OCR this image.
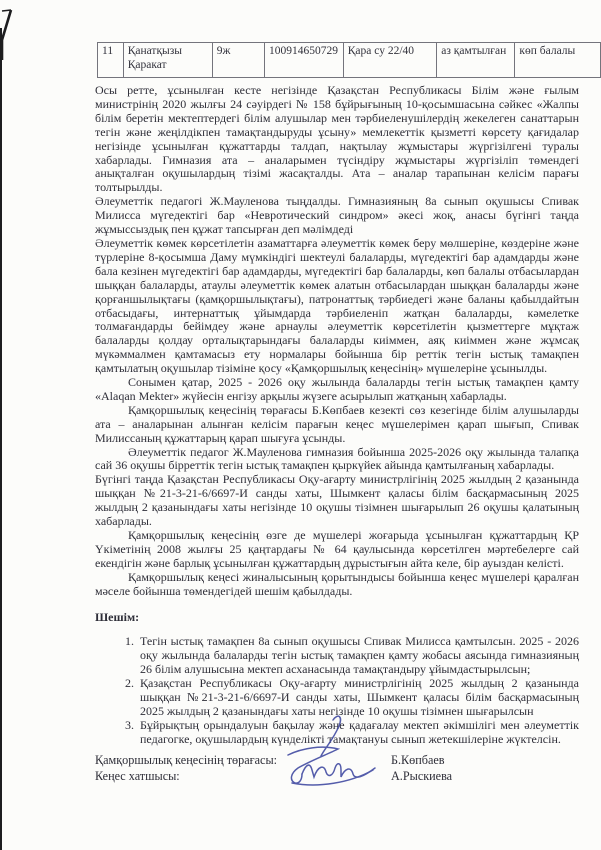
11	Қанатқызы Қаракат	9ж	100914650729	Қара су 22/40	аз қамтылған	көп балалы

Осы ретте, ұсынылған кесте негізінде Қазақстан Республикасы Білім және ғылым министрінің 2020 жылғы 24 сәуірдегі № 158 бұйрығының 10-қосымшасына сәйкес «Жалпы білім беретін мектептердегі білім алушылар мен тәрбиеленушілердің жекелеген санаттарын тегін және жеңілдікпен тамақтандыруды ұсыну» мемлекеттік қызметті көрсету қағидалар негізінде ұсынылған құжаттарды талдап, нақтылау жұмыстары жүргізілгені туралы хабарлады. Гимназия ата – аналарымен түсіндіру жұмыстары жүргізіліп төмендегі анықталған оқушылардың тізімі жасақталды. Ата – аналар тарапынан келісім парағы толтырылды.

Әлеуметтік педагогі Ж.Мауленова тыңдалды. Гимназияның 8а сынып оқушысы Спивак Милисса мүгедектігі бар «Невротический синдром» әкесі жоқ, анасы бүгінгі таңда жұмыссыздық пен құжат тапсырған деп мәлімдеді

Әлеуметтік көмек көрсетілетін азаматтарға әлеуметтік көмек беру мөлшеріне, көздеріне және түрлеріне 8-қосымша Даму мүмкіндігі шектеулі балаларды, мүгедектігі бар адамдарды және бала кезінен мүгедектігі бар адамдарды, мүгедектігі бар балаларды, көп балалы отбасылардан шыққан балаларды, атаулы әлеуметтік көмек алатын отбасылардан шыққан балаларды және қорғаншылықтағы (қамқоршылықтағы), патронаттық тәрбиедегі және баланы қабылдайтын отбасыдағы, интернаттық ұйымдарда тәрбиеленіп жатқан балаларды, кәмелетке толмағандарды бейімдеу және арнаулы әлеуметтік көрсетілетін қызметтерге мұқтаж балаларды қолдау орталықтарындағы балаларды киіммен, аяқ киіммен және жұмсақ мүкәммалмен қамтамасыз ету нормалары бойынша бір реттік тегін ыстық тамақпен қамтылатың оқушылар тізіміне қосу «Қамқоршылық кеңесінің» мүшелеріне ұсынылды.

Сонымен қатар, 2025 - 2026 оқу жылында балаларды тегін ыстық тамақпен қамту «Alaqan Mekter» жүйесін енгізу арқылы жүзеге асырылып жатқаның хабарлады.

Қамқоршылық кеңесінің төрағасы Б.Көпбаев кезекті сөз кезегінде білім алушыларды ата – аналарынан алынған келісім парағын кеңес мүшелерімен қарап шығып, Спивак Милиссаның құжаттарың қарап шығуға ұсынды.

Әлеуметтік педагог Ж.Мауленова гимназия бойынша 2025-2026 оқу жылында талапқа сай 36 оқушы бірреттік тегін ыстық тамақпен қыркүйек айында қамтылғаның хабарлады.

Бүгінгі таңда Қазақстан Республикасы Оқу-ағарту министрлігінің 2025 жылдың 2 қазанында шыққан №21-3-21-6/6697-И санды хаты, Шымкент қаласы білім басқармасының 2025 жылдың 2 қазанындағы хаты негізінде 10 оқушы тізімнен шығарылып 26 оқушы қалатының хабарлады.

Қамқоршылық кеңесінің өзге де мүшелері жоғарыда ұсынылған құжаттардың ҚР Үкіметінің 2008 жылғы 25 қаңтардағы № 64 қаулысында көрсетілген мәртебелерге сай екендігін және барлық ұсынылған құжаттардың дұрыстығын айта келе, бір ауыздан келісті.

Қамқоршылық кеңесі жиналысының қорытындысы бойынша кеңес мүшелері қаралған мәселе бойынша төмендегідей шешім қабылдады.

Шешім:

1. Тегін ыстық тамақпен 8а сынып оқушысы Спивак Милисса қамтылсын. 2025 - 2026 оқу жылында балаларды тегін ыстық тамақпен қамту жобасы аясында гимназияның 26 білім алушысына мектеп асханасында тамақтандыру ұйымдастырылсын;
2. Қазақстан Республикасы Оқу-ағарту министрлігінің 2025 жылдың 2 қазанында шыққан №21-3-21-6/6697-И санды хаты, Шымкент қаласы білім басқармасының 2025 жылдың 2 қазанындағы хаты негізінде 10 оқушы тізімнен шығарылсын
3. Бұйрықтың орындалуын бақылау және қадағалау мектеп әкімшілігі мен әлеуметтік педагогке, оқушылардың күнделікті тамақтануы сынып жетекшілеріне жүктелсін.
Қамқоршылық кеңесінің төрағасы:	Б.Көпбаев
Кеңес хатшысы:	А.Рыскиева
